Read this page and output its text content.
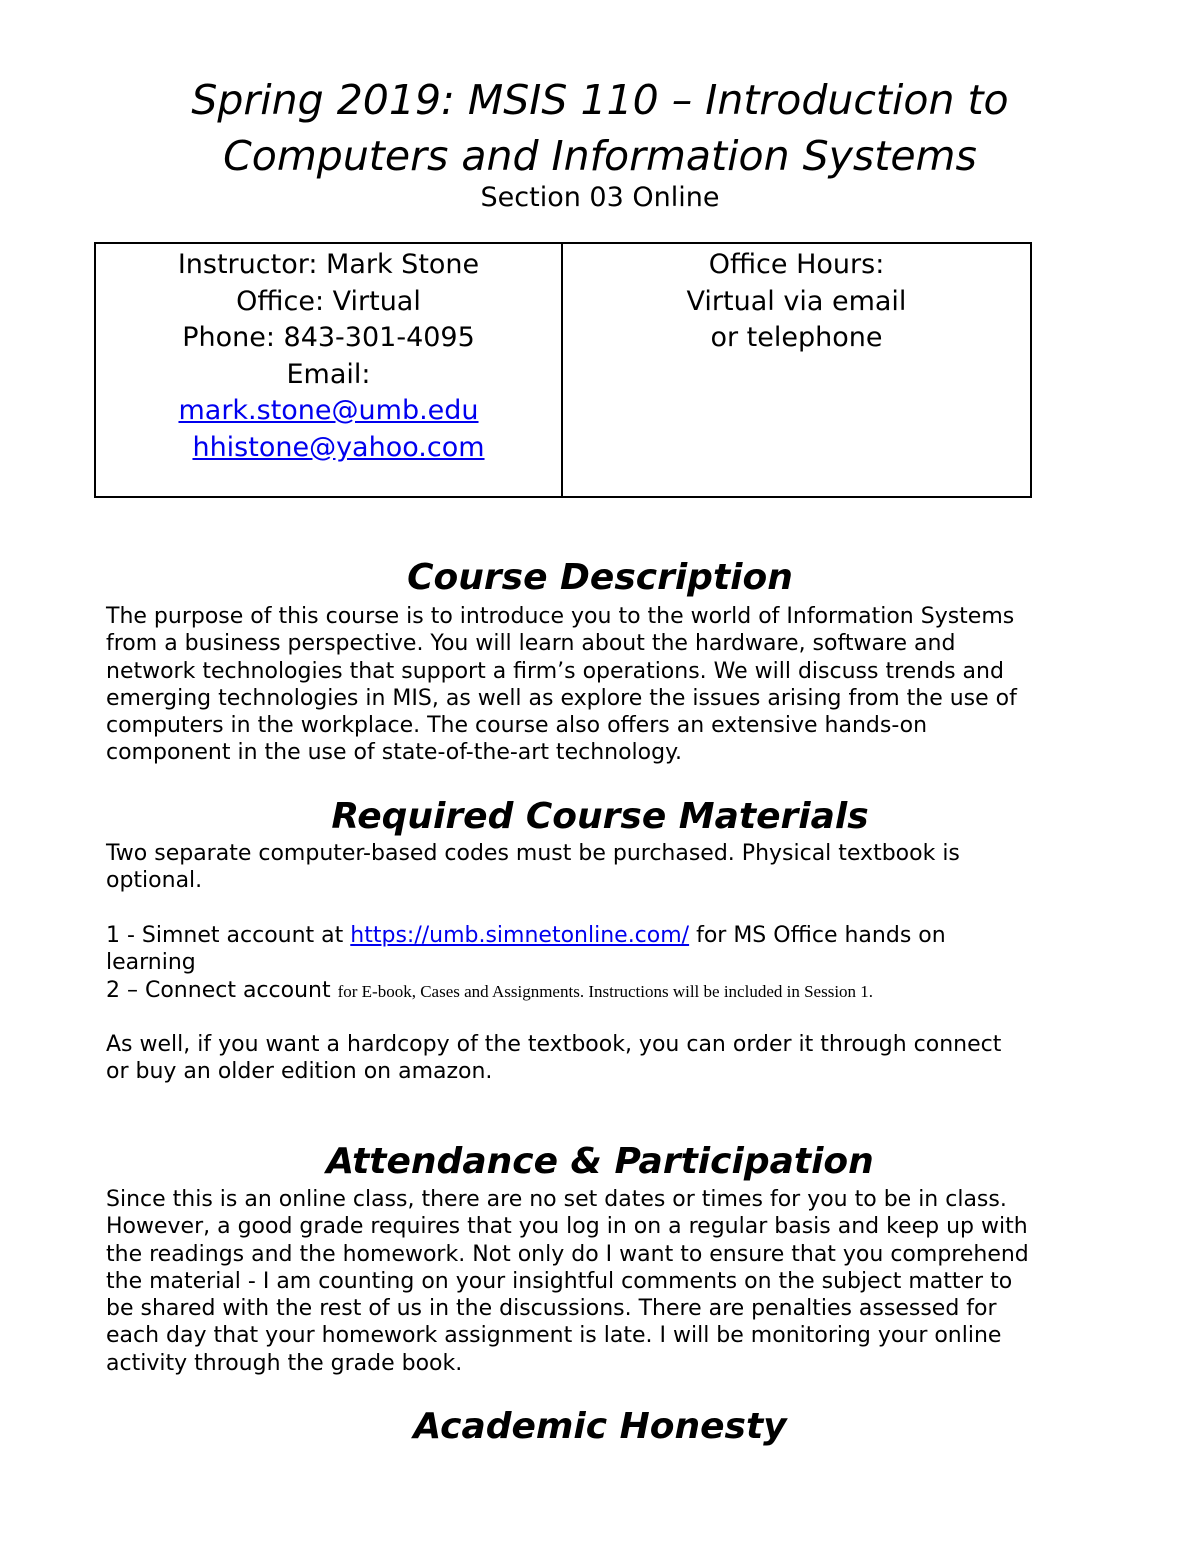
Spring 2019: MSIS 110 – Introduction to
Computers and Information Systems

Section 03 Online

Instructor: Mark Stone
Office: Virtual
Phone: 843-301-4095
Email:
mark.stone@umb.edu
hhistone@yahoo.com
Office Hours:
Virtual via email
or telephone
Course Description

The purpose of this course is to introduce you to the world of Information Systems
from a business perspective. You will learn about the hardware, software and
network technologies that support a firm’s operations. We will discuss trends and
emerging technologies in MIS, as well as explore the issues arising from the use of
computers in the workplace. The course also offers an extensive hands-on
component in the use of state-of-the-art technology.

Required Course Materials

Two separate computer-based codes must be purchased. Physical textbook is
optional.

1 - Simnet account at https://umb.simnetonline.com/ for MS Office hands on
learning
2 – Connect account for E-book, Cases and Assignments. Instructions will be included in Session 1.

As well, if you want a hardcopy of the textbook, you can order it through connect
or buy an older edition on amazon.

Attendance & Participation

Since this is an online class, there are no set dates or times for you to be in class.
However, a good grade requires that you log in on a regular basis and keep up with
the readings and the homework. Not only do I want to ensure that you comprehend
the material - I am counting on your insightful comments on the subject matter to
be shared with the rest of us in the discussions. There are penalties assessed for
each day that your homework assignment is late. I will be monitoring your online
activity through the grade book.

Academic Honesty
